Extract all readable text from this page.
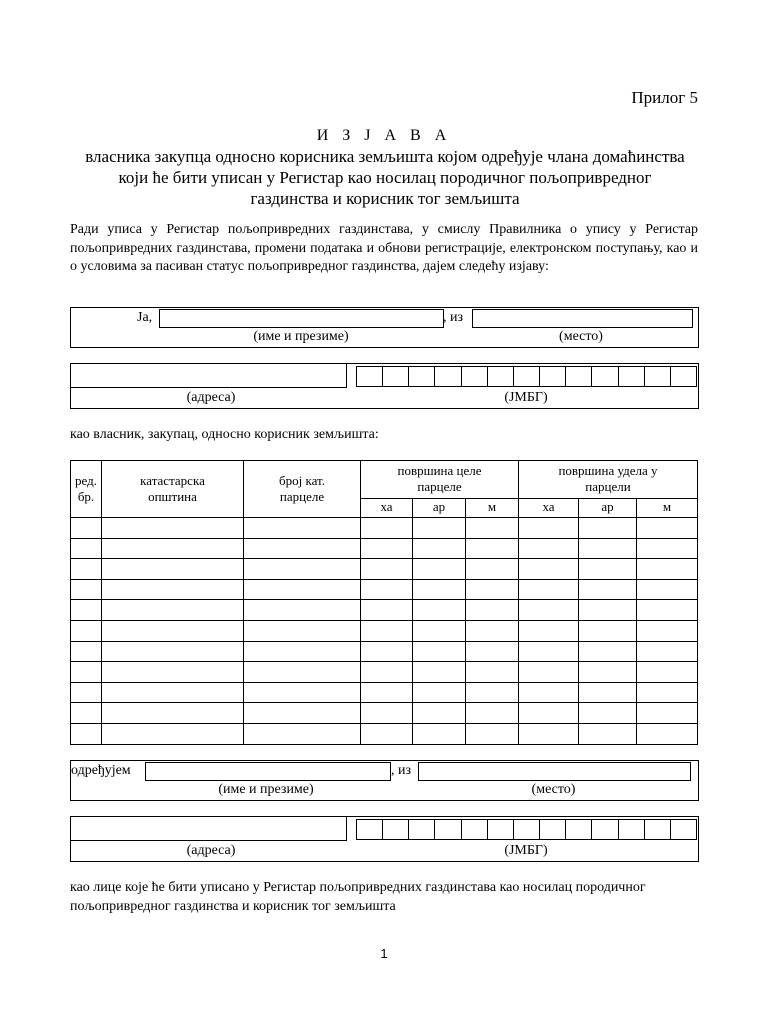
Прилог 5
И З Ј А В А
власника закупца односно корисника земљишта којом одређује члана домаћинства који ће бити уписан у Регистар као носилац породичног пољопривредног газдинства и корисник тог земљишта
Ради уписа у Регистар пољопривредних газдинстава, у смислу Правилника о упису у Регистар пољопривредних газдинстава, промени података и обнови регистрације, електронском поступању, као и о условима за пасиван статус пољопривредног газдинства, дајем следећу изјаву:
Ја,	, из
(име и презиме)	(место)
(адреса)	(ЈМБГ)
као власник, закупац, односно корисник земљишта:
ред. бр.	катастарска општина	број кат. парцеле	површина целе парцеле			површина удела у парцели		
			ха	ар	м	ха	ар	м

одређујем	, из
(име и презиме)	(место)
(адреса)	(ЈМБГ)
као лице које ће бити уписано у Регистар пољопривредних газдинстава као носилац породичног пољопривредног газдинства и корисник тог земљишта
1
